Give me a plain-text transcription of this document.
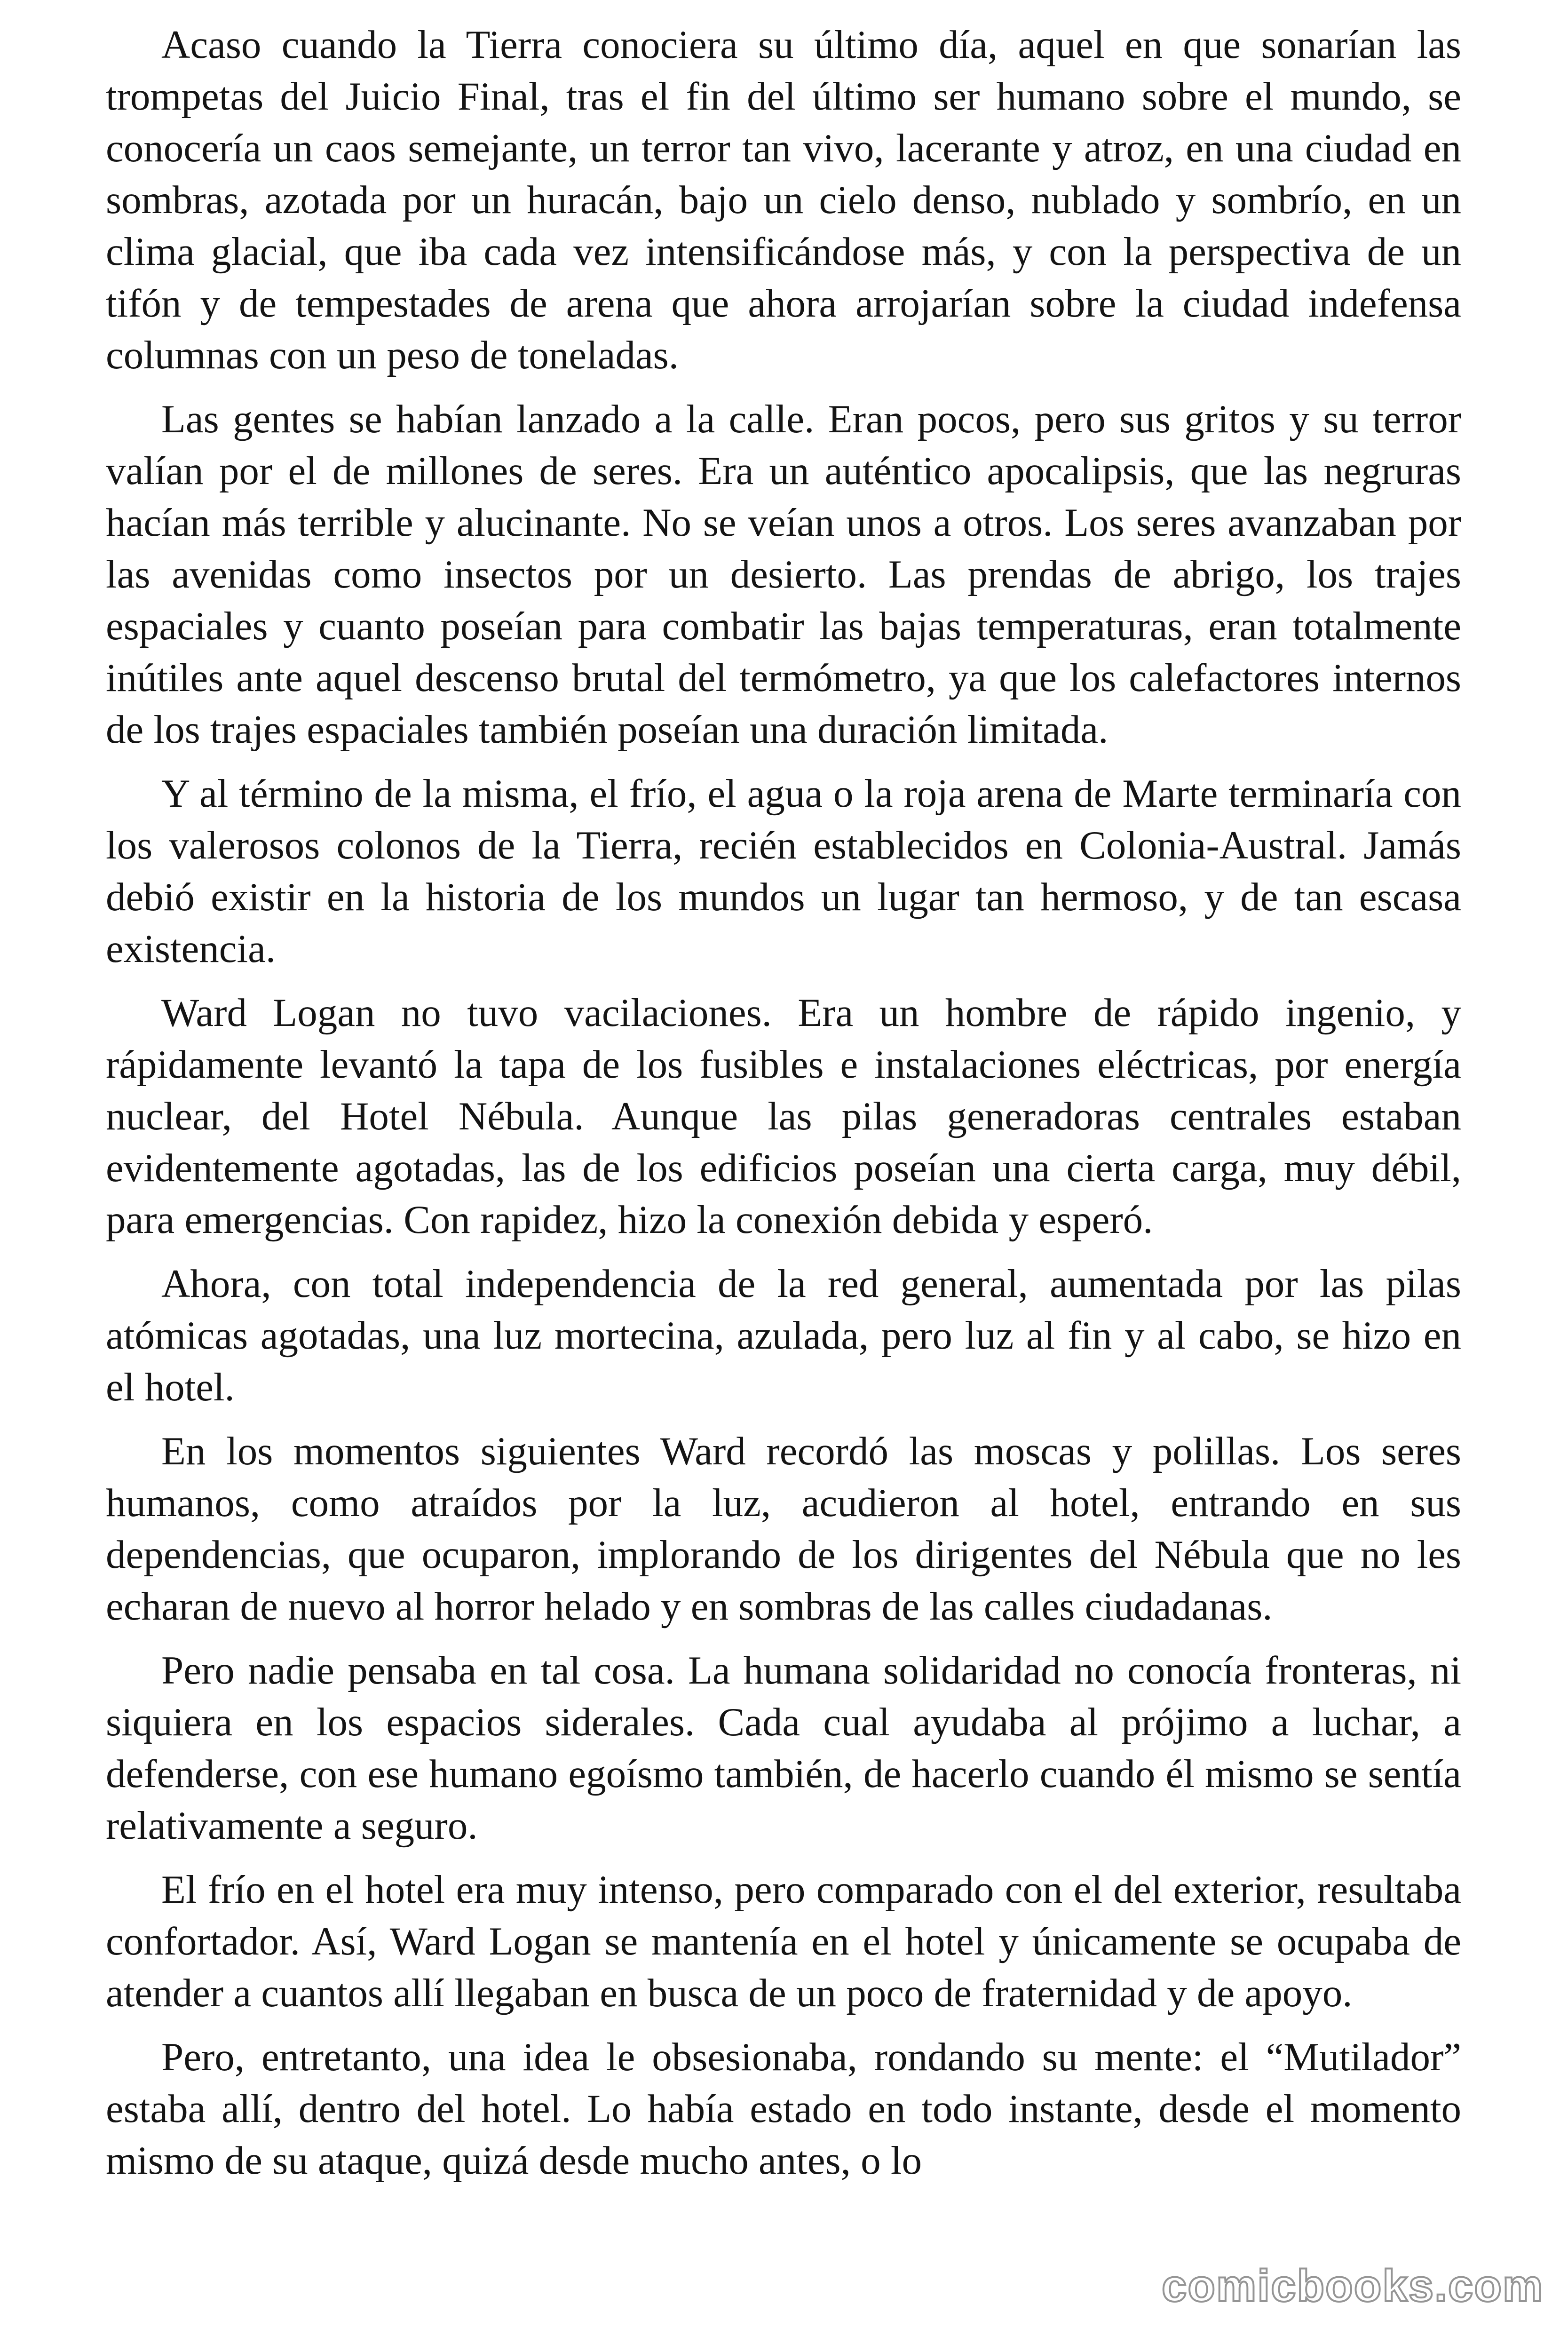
Acaso cuando la Tierra conociera su último día, aquel en que sonarían las trompetas del Juicio Final, tras el fin del último ser humano sobre el mundo, se conocería un caos semejante, un terror tan vivo, lacerante y atroz, en una ciudad en sombras, azotada por un huracán, bajo un cielo denso, nublado y sombrío, en un clima glacial, que iba cada vez intensificándose más, y con la perspectiva de un tifón y de tempestades de arena que ahora arrojarían sobre la ciudad indefensa columnas con un peso de toneladas.

Las gentes se habían lanzado a la calle. Eran pocos, pero sus gritos y su terror valían por el de millones de seres. Era un auténtico apocalipsis, que las negruras hacían más terrible y alucinante. No se veían unos a otros. Los seres avanzaban por las avenidas como insectos por un desierto. Las prendas de abrigo, los trajes espaciales y cuanto poseían para combatir las bajas temperaturas, eran totalmente inútiles ante aquel descenso brutal del termómetro, ya que los calefactores internos de los trajes espaciales también poseían una duración limitada.

Y al término de la misma, el frío, el agua o la roja arena de Marte terminaría con los valerosos colonos de la Tierra, recién establecidos en Colonia-Austral. Jamás debió existir en la historia de los mundos un lugar tan hermoso, y de tan escasa existencia.

Ward Logan no tuvo vacilaciones. Era un hombre de rápido ingenio, y rápidamente levantó la tapa de los fusibles e instalaciones eléctricas, por energía nuclear, del Hotel Nébula. Aunque las pilas generadoras centrales estaban evidentemente agotadas, las de los edificios poseían una cierta carga, muy débil, para emergencias. Con rapidez, hizo la conexión debida y esperó.

Ahora, con total independencia de la red general, aumentada por las pilas atómicas agotadas, una luz mortecina, azulada, pero luz al fin y al cabo, se hizo en el hotel.

En los momentos siguientes Ward recordó las moscas y polillas. Los seres humanos, como atraídos por la luz, acudieron al hotel, entrando en sus dependencias, que ocuparon, implorando de los dirigentes del Nébula que no les echaran de nuevo al horror helado y en sombras de las calles ciudadanas.

Pero nadie pensaba en tal cosa. La humana solidaridad no conocía fronteras, ni siquiera en los espacios siderales. Cada cual ayudaba al prójimo a luchar, a defenderse, con ese humano egoísmo también, de hacerlo cuando él mismo se sentía relativamente a seguro.

El frío en el hotel era muy intenso, pero comparado con el del exterior, resultaba confortador. Así, Ward Logan se mantenía en el hotel y únicamente se ocupaba de atender a cuantos allí llegaban en busca de un poco de fraternidad y de apoyo.

Pero, entretanto, una idea le obsesionaba, rondando su mente: el “Mutilador” estaba allí, dentro del hotel. Lo había estado en todo instante, desde el momento mismo de su ataque, quizá desde mucho antes, o lo

comicbooks.com
